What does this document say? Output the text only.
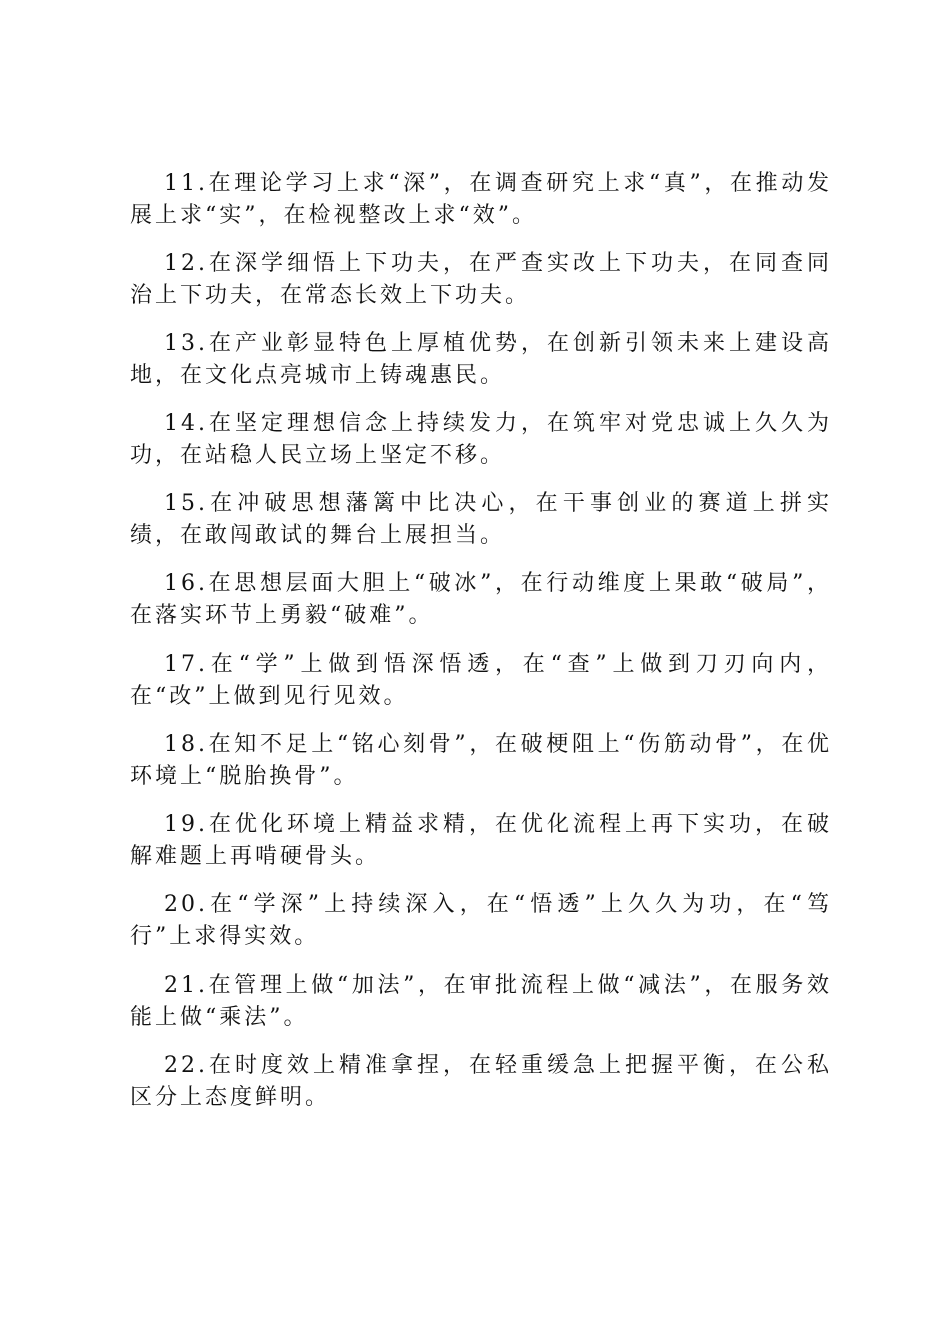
11.在理论学习上求“深”，在调查研究上求“真”，在推动发展上求“实”，在检视整改上求“效”。

12.在深学细悟上下功夫，在严查实改上下功夫，在同查同治上下功夫，在常态长效上下功夫。

13.在产业彰显特色上厚植优势，在创新引领未来上建设高地，在文化点亮城市上铸魂惠民。

14.在坚定理想信念上持续发力，在筑牢对党忠诚上久久为功，在站稳人民立场上坚定不移。

15.在冲破思想藩篱中比决心，在干事创业的赛道上拼实绩，在敢闯敢试的舞台上展担当。

16.在思想层面大胆上“破冰”，在行动维度上果敢“破局”，在落实环节上勇毅“破难”。

17.在“学”上做到悟深悟透，在“查”上做到刀刃向内，在“改”上做到见行见效。

18.在知不足上“铭心刻骨”，在破梗阻上“伤筋动骨”，在优环境上“脱胎换骨”。

19.在优化环境上精益求精，在优化流程上再下实功，在破解难题上再啃硬骨头。

20.在“学深”上持续深入，在“悟透”上久久为功，在“笃行”上求得实效。

21.在管理上做“加法”，在审批流程上做“减法”，在服务效能上做“乘法”。

22.在时度效上精准拿捏，在轻重缓急上把握平衡，在公私区分上态度鲜明。
